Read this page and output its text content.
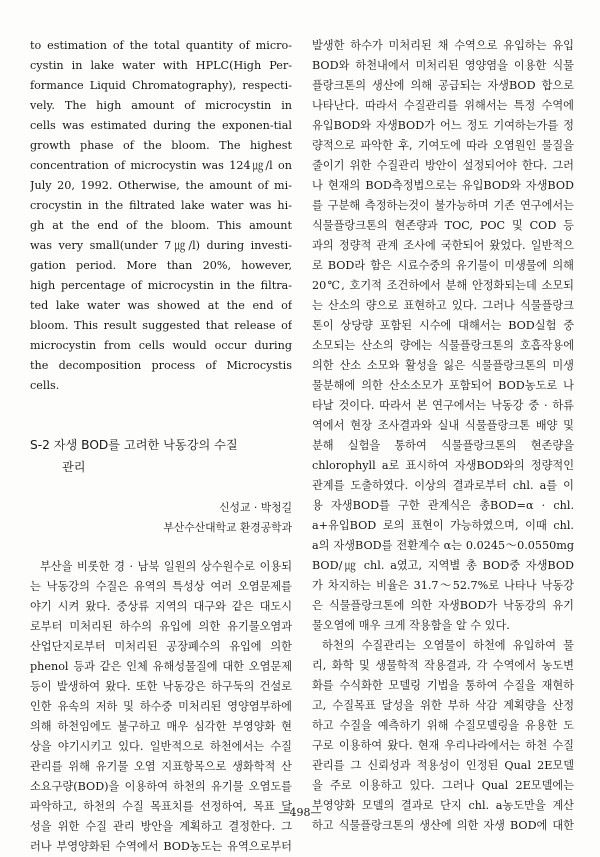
to estimation of the total quantity of micro-
cystin in lake water with HPLC(High Per-
formance Liquid Chromatography), respecti-
vely. The high amount of microcystin in
cells was estimated during the exponen-tial
growth phase of the bloom. The highest
concentration of microcystin was 124㎍/l on
July 20, 1992. Otherwise, the amount of mi-
crocystin in the filtrated lake water was hi-
gh at the end of the bloom. This amount
was very small(under 7㎍/l) during investi-
gation period. More than 20%, however,
high percentage of microcystin in the filtra-
ted lake water was showed at the end of
bloom. This result suggested that release of
microcystin from cells would occur during
the decomposition process of Microcystis
cells.
S-2 자생 BOD를 고려한 낙동강의 수질
관리
신성교 · 박청길
부산수산대학교 환경공학과
부산을 비롯한 경 · 남북 일원의 상수원수로 이용되
는 낙동강의 수질은 유역의 특성상 여러 오염문제를
야기 시켜 왔다. 중상류 지역의 대구와 같은 대도시
로부터 미처리된 하수의 유입에 의한 유기물오염과
산업단지로부터 미처리된 공장폐수의 유입에 의한
phenol 등과 같은 인체 유해성물질에 대한 오염문제
등이 발생하여 왔다. 또한 낙동강은 하구둑의 건설로
인한 유속의 저하 및 하수중 미처리된 영양염부하에
의해 하천임에도 불구하고 매우 심각한 부영양화 현
상을 야기시키고 있다. 일반적으로 하천에서는 수질
관리를 위해 유기물 오염 지표항목으로 생화학적 산
소요구량(BOD)을 이용하여 하천의 유기물 오염도를
파악하고, 하천의 수질 목표치를 선정하여, 목표 달
성을 위한 수질 관리 방안을 계획하고 결정한다. 그
러나 부영양화된 수역에서 BOD농도는 유역으로부터
발생한 하수가 미처리된 채 수역으로 유입하는 유입
BOD와 하천내에서 미처리된 영양염을 이용한 식물
플랑크톤의 생산에 의해 공급되는 자생BOD 합으로
나타난다. 따라서 수질관리를 위해서는 특정 수역에
유입BOD와 자생BOD가 어느 정도 기여하는가를 정
량적으로 파악한 후, 기여도에 따라 오염원인 물질을
줄이기 위한 수질관리 방안이 설정되어야 한다. 그러
나 현재의 BOD측정법으로는 유입BOD와 자생BOD
를 구분해 측정하는것이 불가능하며 기존 연구에서는
식물플랑크톤의 현존량과 TOC, POC 및 COD 등
과의 정량적 관계 조사에 국한되어 왔었다. 일반적으
로 BOD라 함은 시료수중의 유기물이 미생물에 의해
20℃, 호기적 조건하에서 분해 안정화되는데 소모되
는 산소의 량으로 표현하고 있다. 그러나 식물플랑크
톤이 상당량 포함된 시수에 대해서는 BOD실험 중
소모되는 산소의 량에는 식물플랑크톤의 호흡작용에
의한 산소 소모와 활성을 잃은 식물플랑크톤의 미생
물분해에 의한 산소소모가 포함되어 BOD농도로 나
타날 것이다. 따라서 본 연구에서는 낙동강 중 · 하류
역에서 현장 조사결과와 실내 식물플랑크톤 배양 및
분해 실험을 통하여 식물플랑크톤의 현존량을
chlorophyll a로 표시하여 자생BOD와의 정량적인
관계를 도출하였다. 이상의 결과로부터 chl. a를 이
용 자생BOD를 구한 관계식은 총BOD=α · chl.
a+유입BOD 로의 표현이 가능하였으며, 이때 chl.
a의 자생BOD를 전환계수 α는 0.0245～0.0550mg
BOD/㎍ chl. a였고, 지역별 총 BOD중 자생BOD
가 차지하는 비율은 31.7～52.7%로 나타나 낙동강
은 식물플랑크톤에 의한 자생BOD가 낙동강의 유기
물오염에 매우 크게 작용함을 알 수 있다.
하천의 수질관리는 오염물이 하천에 유입하여 물
리, 화학 및 생물학적 작용결과, 각 수역에서 농도변
화를 수식화한 모델링 기법을 통하여 수질을 재현하
고, 수질목표 달성을 위한 부하 삭감 계획량을 산정
하고 수질을 예측하기 위해 수질모델링을 유용한 도
구로 이용하여 왔다. 현재 우리나라에서는 하천 수질
관리를 그 신뢰성과 적용성이 인정된 Qual 2E모델
을 주로 이용하고 있다. 그러나 Qual 2E모델에는
부영양화 모델의 결과로 단지 chl. a농도만을 계산
하고 식물플랑크톤의 생산에 의한 자생 BOD에 대한
—498—
